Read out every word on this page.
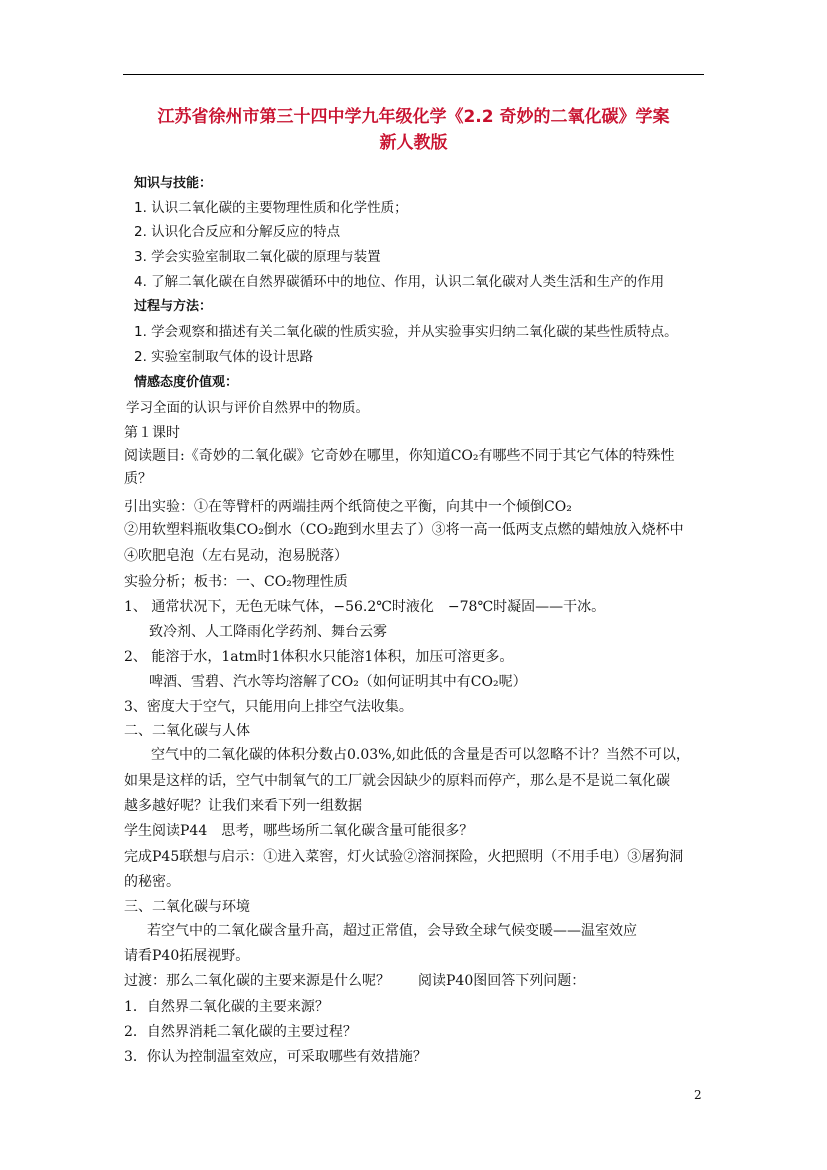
江苏省徐州市第三十四中学九年级化学《2.2 奇妙的二氧化碳》学案
新人教版
知识与技能：
1. 认识二氧化碳的主要物理性质和化学性质；
2. 认识化合反应和分解反应的特点
3. 学会实验室制取二氧化碳的原理与装置
4. 了解二氧化碳在自然界碳循环中的地位、作用，认识二氧化碳对人类生活和生产的作用
过程与方法：
1. 学会观察和描述有关二氧化碳的性质实验，并从实验事实归纳二氧化碳的某些性质特点。
2. 实验室制取气体的设计思路
情感态度价值观：
学习全面的认识与评价自然界中的物质。
第１课时
阅读题目:《奇妙的二氧化碳》它奇妙在哪里，你知道CO₂有哪些不同于其它气体的特殊性
质？
引出实验：①在等臂杆的两端挂两个纸筒使之平衡，向其中一个倾倒CO₂
②用软塑料瓶收集CO₂倒水（CO₂跑到水里去了）③将一高一低两支点燃的蜡烛放入烧杯中
④吹肥皂泡（左右晃动，泡易脱落）
实验分析；板书：一、CO₂物理性质
1、 通常状况下，无色无味气体，−56.2℃时液化　−78℃时凝固——干冰。
致冷剂、人工降雨化学药剂、舞台云雾
2、 能溶于水，1atm时1体积水只能溶1体积，加压可溶更多。
啤酒、雪碧、汽水等均溶解了CO₂（如何证明其中有CO₂呢）
3、密度大于空气，只能用向上排空气法收集。
二、二氧化碳与人体
空气中的二氧化碳的体积分数占0.03%,如此低的含量是否可以忽略不计？当然不可以，
如果是这样的话，空气中制氧气的工厂就会因缺少的原料而停产，那么是不是说二氧化碳
越多越好呢？让我们来看下列一组数据
学生阅读P44　思考，哪些场所二氧化碳含量可能很多？
完成P45联想与启示：①进入菜窖，灯火试验②溶洞探险，火把照明（不用手电）③屠狗洞
的秘密。
三、二氧化碳与环境
若空气中的二氧化碳含量升高，超过正常值，会导致全球气候变暖——温室效应
请看P40拓展视野。
过渡：那么二氧化碳的主要来源是什么呢？　　阅读P40图回答下列问题：
1．自然界二氧化碳的主要来源？
2．自然界消耗二氧化碳的主要过程？
3．你认为控制温室效应，可采取哪些有效措施？
2
